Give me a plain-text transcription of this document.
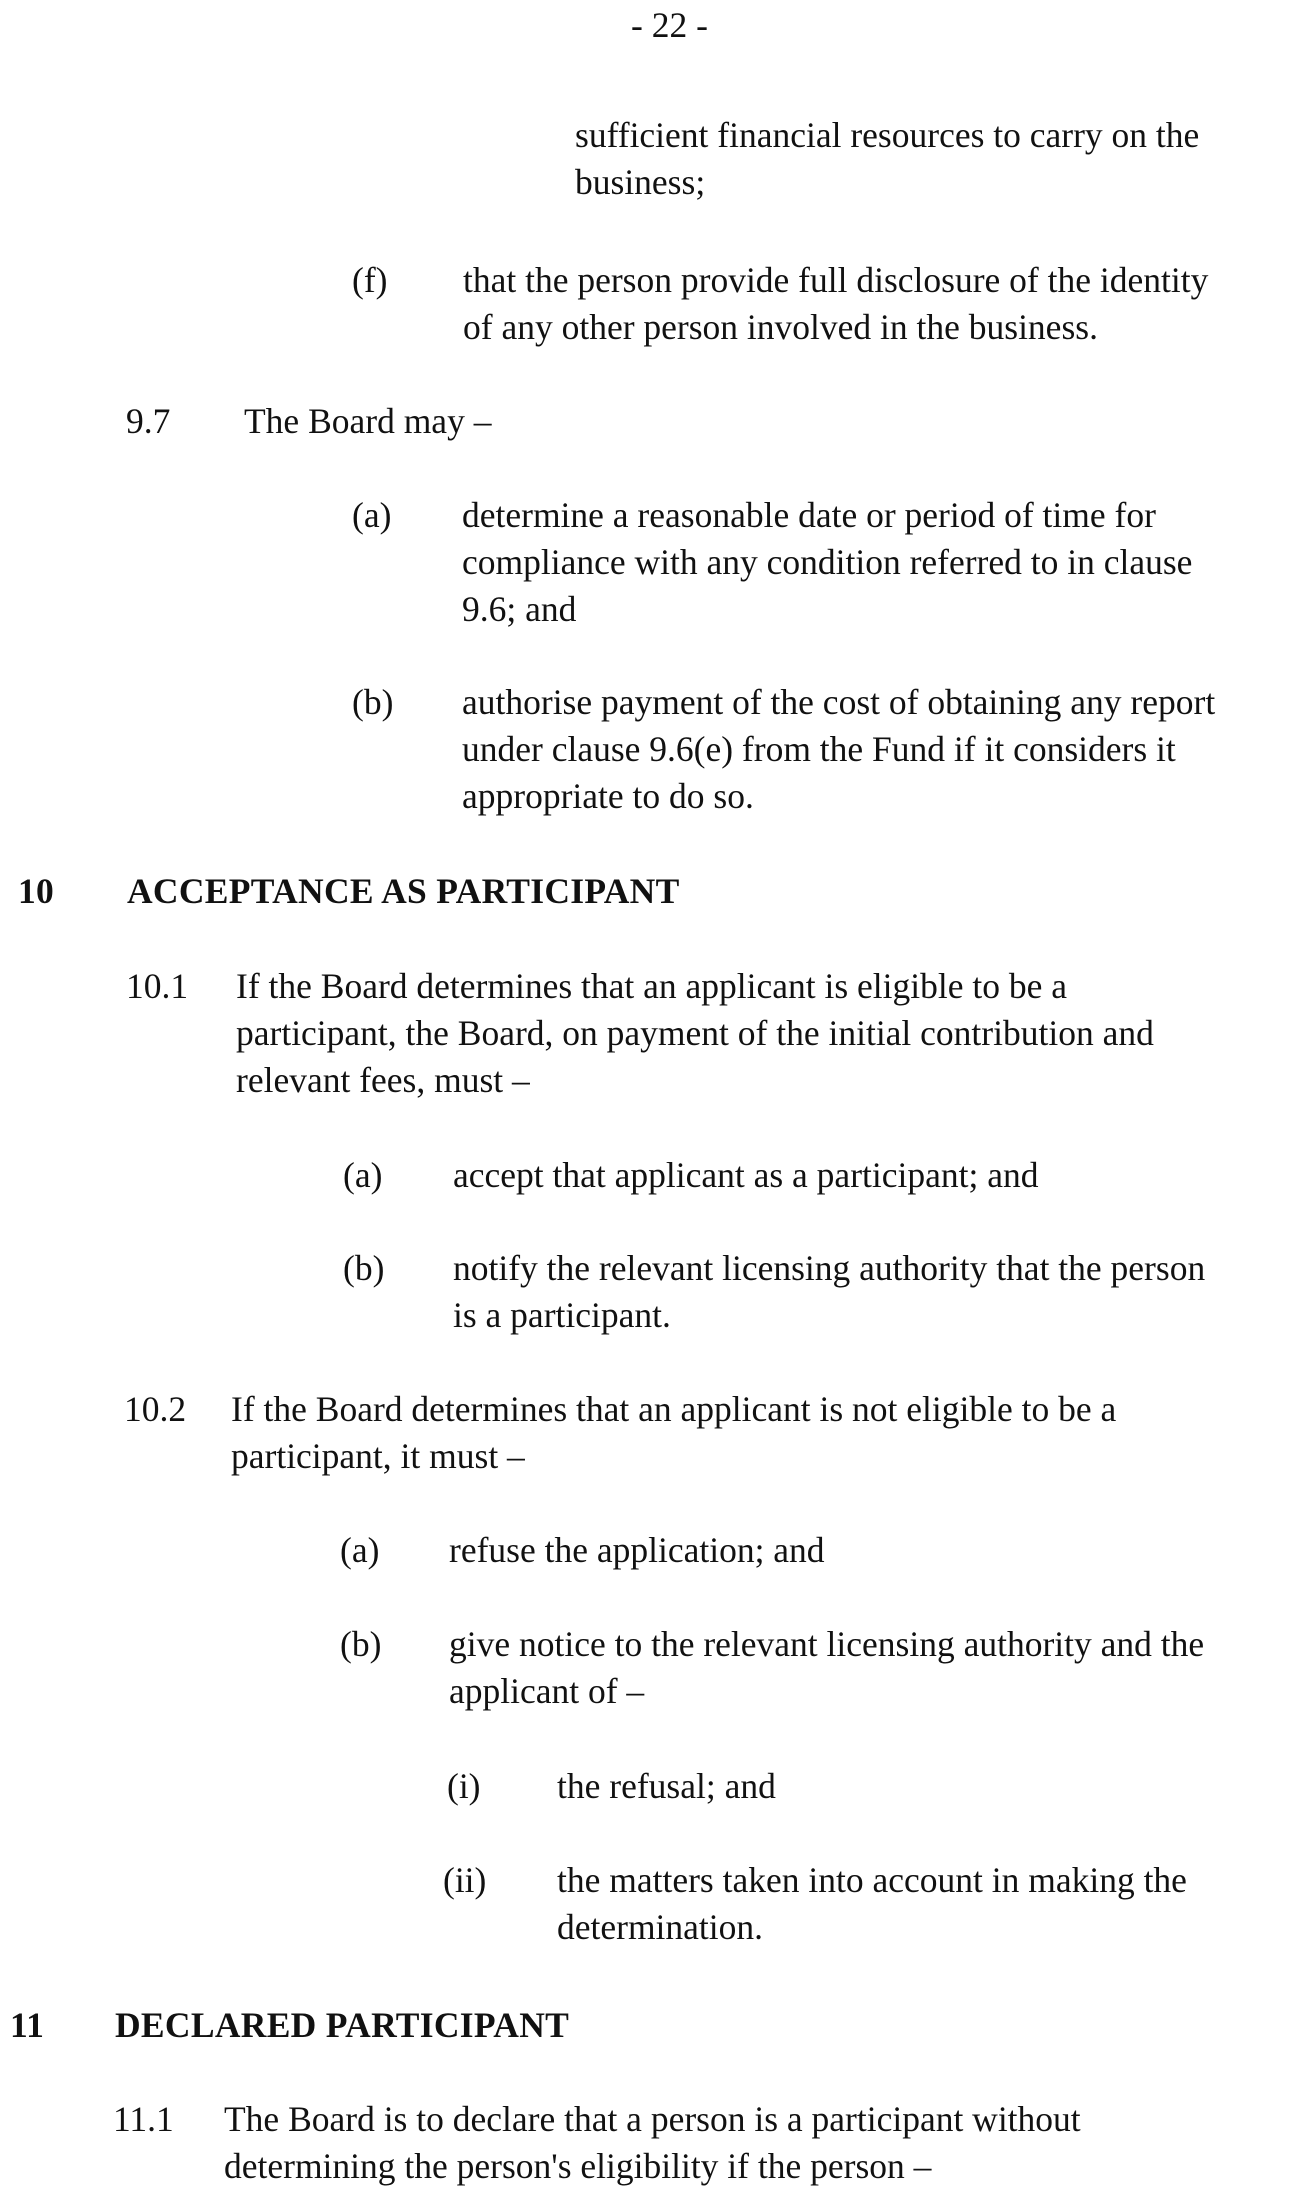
- 22 -
sufficient financial resources to carry on the
business;
(f) that the person provide full disclosure of the identity
of any other person involved in the business.
9.7 The Board may –
(a) determine a reasonable date or period of time for
compliance with any condition referred to in clause
9.6; and
(b) authorise payment of the cost of obtaining any report
under clause 9.6(e) from the Fund if it considers it
appropriate to do so.
10 ACCEPTANCE AS PARTICIPANT
10.1 If the Board determines that an applicant is eligible to be a
participant, the Board, on payment of the initial contribution and
relevant fees, must –
(a) accept that applicant as a participant; and
(b) notify the relevant licensing authority that the person
is a participant.
10.2 If the Board determines that an applicant is not eligible to be a
participant, it must –
(a) refuse the application; and
(b) give notice to the relevant licensing authority and the
applicant of –
(i) the refusal; and
(ii) the matters taken into account in making the
determination.
11 DECLARED PARTICIPANT
11.1 The Board is to declare that a person is a participant without
determining the person's eligibility if the person –
